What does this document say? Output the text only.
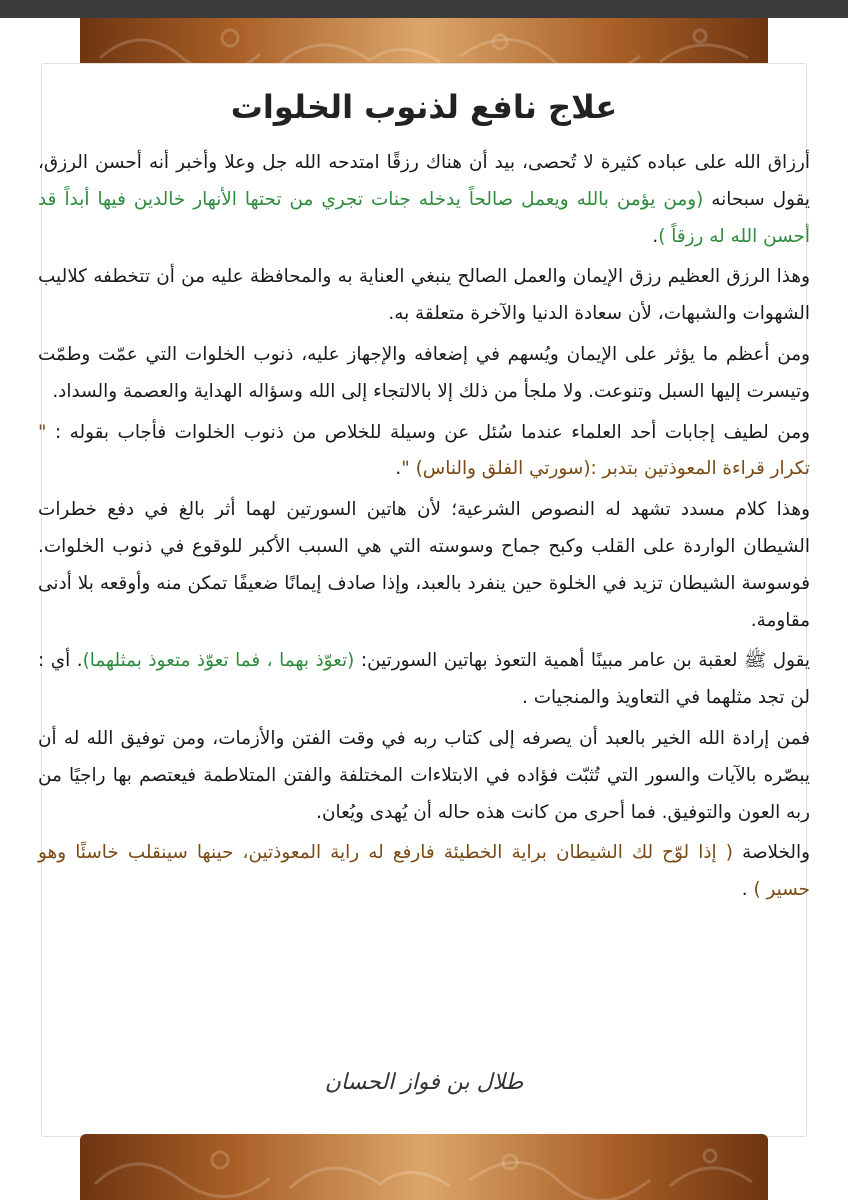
علاج نافع لذنوب الخلوات

أرزاق الله على عباده كثيرة لا تُحصى، بيد أن هناك رزقًا امتدحه الله جل وعلا وأخبر أنه أحسن الرزق، يقول سبحانه (ومن يؤمن بالله ويعمل صالحاً يدخله جنات تجري من تحتها الأنهار خالدين فيها أبداً قد أحسن الله له رزقاً ).

وهذا الرزق العظيم رزق الإيمان والعمل الصالح ينبغي العناية به والمحافظة عليه من أن تتخطفه كلاليب الشهوات والشبهات، لأن سعادة الدنيا والآخرة متعلقة به.

ومن أعظم ما يؤثر على الإيمان ويُسهم في إضعافه والإجهاز عليه، ذنوب الخلوات التي عمّت وطمّت وتيسرت إليها السبل وتنوعت. ولا ملجأ من ذلك إلا بالالتجاء إلى الله وسؤاله الهداية والعصمة والسداد.

ومن لطيف إجابات أحد العلماء عندما سُئل عن وسيلة للخلاص من ذنوب الخلوات فأجاب بقوله : " تكرار قراءة المعوذتين بتدبر :(سورتي الفلق والناس) ".

وهذا كلام مسدد تشهد له النصوص الشرعية؛ لأن هاتين السورتين لهما أثر بالغ في دفع خطرات الشيطان الواردة على القلب وكبح جماح وسوسته التي هي السبب الأكبر للوقوع في ذنوب الخلوات. فوسوسة الشيطان تزيد في الخلوة حين ينفرد بالعبد، وإذا صادف إيمانًا ضعيفًا تمكن منه وأوقعه بلا أدنى مقاومة.

يقول ﷺ لعقبة بن عامر مبينًا أهمية التعوذ بهاتين السورتين: (تعوّذ بهما ، فما تعوّذ متعوذ بمثلهما). أي : لن تجد مثلهما في التعاويذ والمنجيات .

فمن إرادة الله الخير بالعبد أن يصرفه إلى كتاب ربه في وقت الفتن والأزمات، ومن توفيق الله له أن يبصّره بالآيات والسور التي تُثبّت فؤاده في الابتلاءات المختلفة والفتن المتلاطمة فيعتصم بها راجيًا من ربه العون والتوفيق. فما أحرى من كانت هذه حاله أن يُهدى ويُعان.

والخلاصة ( إذا لوّح لك الشيطان براية الخطيئة فارفع له راية المعوذتين، حينها سينقلب خاسئًا وهو حسير ) .

طلال بن فواز الحسان
